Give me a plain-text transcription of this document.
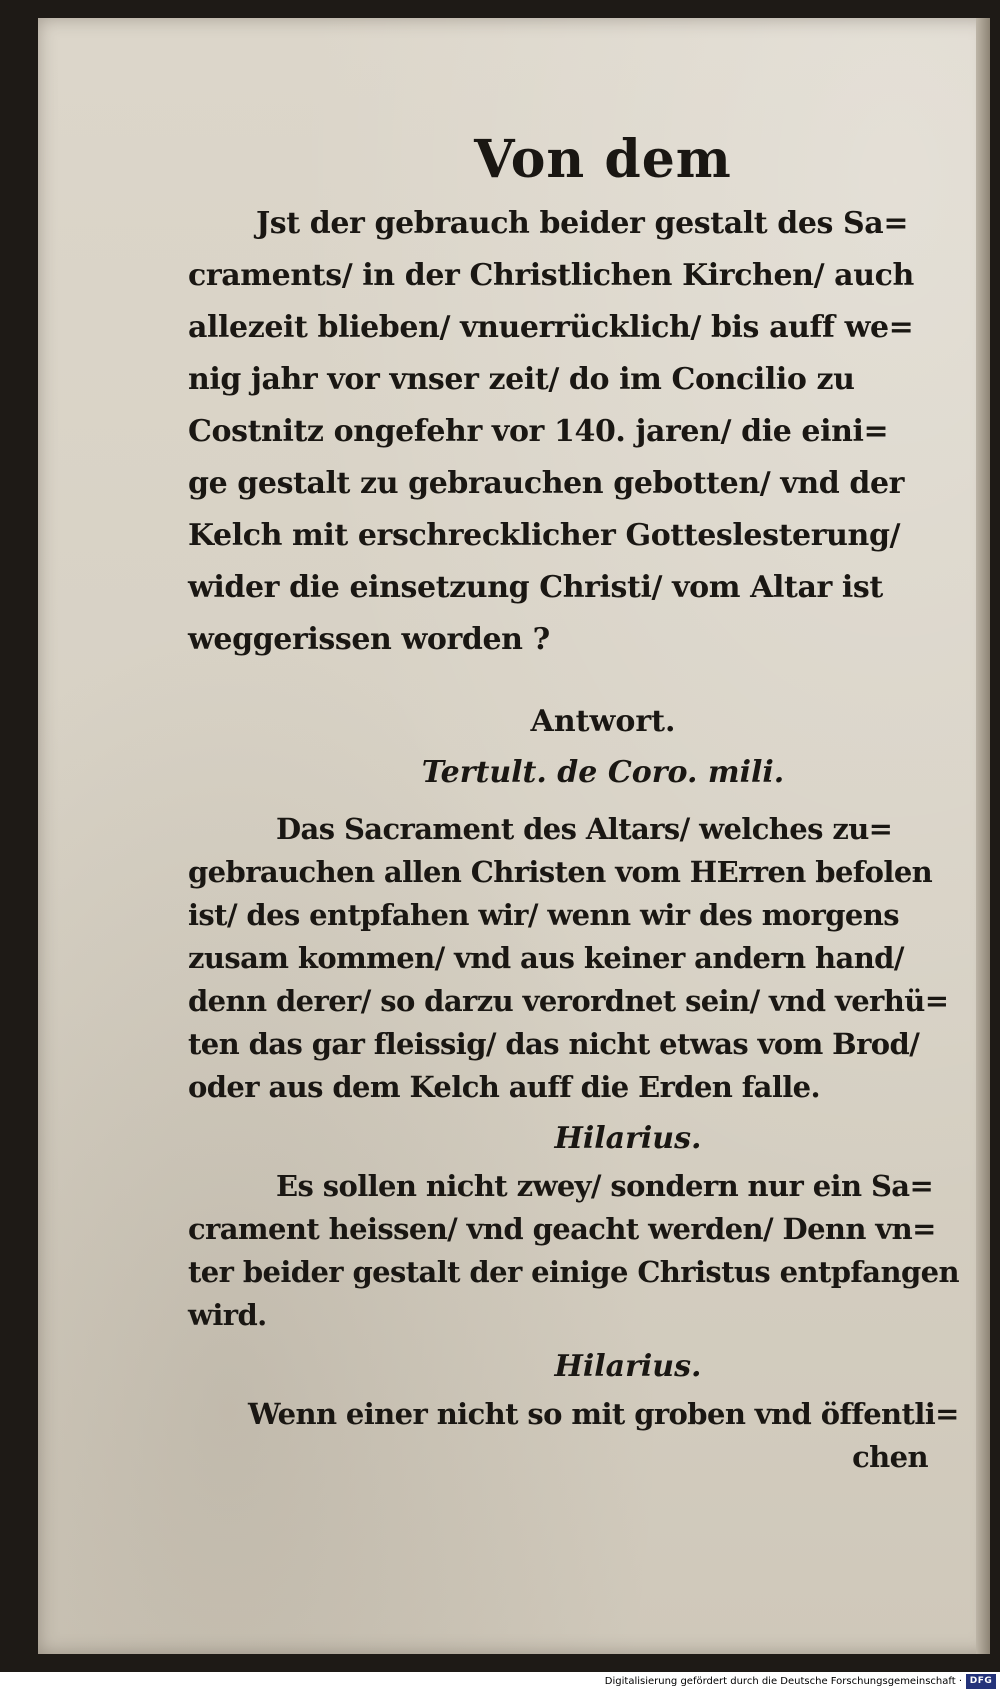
Von dem
Jst der gebrauch beider gestalt des Sa=
craments/ in der Christlichen Kirchen/ auch
allezeit blieben/ vnuerrücklich/ bis auff we=
nig jahr vor vnser zeit/ do im Concilio zu
Costnitz ongefehr vor 140. jaren/ die eini=
ge gestalt zu gebrauchen gebotten/ vnd der
Kelch mit erschrecklicher Gotteslesterung/
wider die einsetzung Christi/ vom Altar ist
weggerissen worden ?
Antwort.
Tertult. de Coro. mili.
Das Sacrament des Altars/ welches zu=
gebrauchen allen Christen vom HErren befolen
ist/ des entpfahen wir/ wenn wir des morgens
zusam kommen/ vnd aus keiner andern hand/
denn derer/ so darzu verordnet sein/ vnd verhü=
ten das gar fleissig/ das nicht etwas vom Brod/
oder aus dem Kelch auff die Erden falle.
Hilarius.
Es sollen nicht zwey/ sondern nur ein Sa=
crament heissen/ vnd geacht werden/ Denn vn=
ter beider gestalt der einige Christus entpfangen
wird.
Hilarius.
Wenn einer nicht so mit groben vnd öffentli=
chen
Digitalisierung gefördert durch die Deutsche Forschungsgemeinschaft · DFG
